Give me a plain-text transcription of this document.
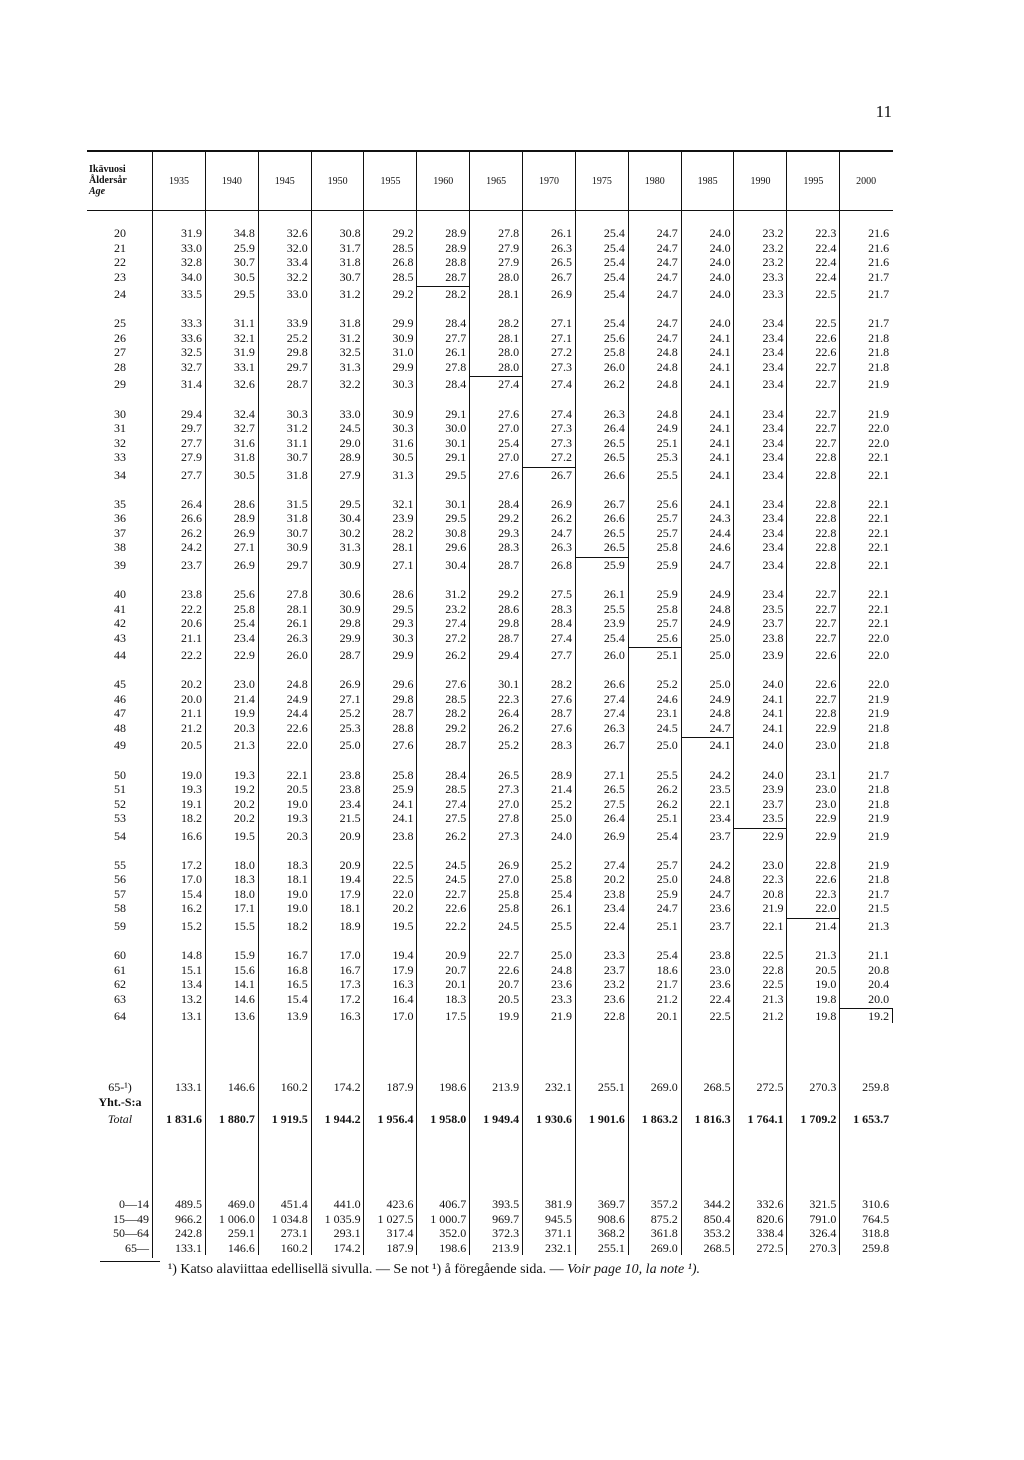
11
Ikävuosi
Åldersår
Age
1935	1940	1945	1950	1955	1960	1965	1970	1975	1980	1985	1990	1995	2000
20	31.9	34.8	32.6	30.8	29.2	28.9	27.8	26.1	25.4	24.7	24.0	23.2	22.3	21.6
21	33.0	25.9	32.0	31.7	28.5	28.9	27.9	26.3	25.4	24.7	24.0	23.2	22.4	21.6
22	32.8	30.7	33.4	31.8	26.8	28.8	27.9	26.5	25.4	24.7	24.0	23.2	22.4	21.6
23	34.0	30.5	32.2	30.7	28.5	28.7	28.0	26.7	25.4	24.7	24.0	23.3	22.4	21.7
24	33.5	29.5	33.0	31.2	29.2	28.2	28.1	26.9	25.4	24.7	24.0	23.3	22.5	21.7
25	33.3	31.1	33.9	31.8	29.9	28.4	28.2	27.1	25.4	24.7	24.0	23.4	22.5	21.7
26	33.6	32.1	25.2	31.2	30.9	27.7	28.1	27.1	25.6	24.7	24.1	23.4	22.6	21.8
27	32.5	31.9	29.8	32.5	31.0	26.1	28.0	27.2	25.8	24.8	24.1	23.4	22.6	21.8
28	32.7	33.1	29.7	31.3	29.9	27.8	28.0	27.3	26.0	24.8	24.1	23.4	22.7	21.8
29	31.4	32.6	28.7	32.2	30.3	28.4	27.4	27.4	26.2	24.8	24.1	23.4	22.7	21.9
30	29.4	32.4	30.3	33.0	30.9	29.1	27.6	27.4	26.3	24.8	24.1	23.4	22.7	21.9
31	29.7	32.7	31.2	24.5	30.3	30.0	27.0	27.3	26.4	24.9	24.1	23.4	22.7	22.0
32	27.7	31.6	31.1	29.0	31.6	30.1	25.4	27.3	26.5	25.1	24.1	23.4	22.7	22.0
33	27.9	31.8	30.7	28.9	30.5	29.1	27.0	27.2	26.5	25.3	24.1	23.4	22.8	22.1
34	27.7	30.5	31.8	27.9	31.3	29.5	27.6	26.7	26.6	25.5	24.1	23.4	22.8	22.1
35	26.4	28.6	31.5	29.5	32.1	30.1	28.4	26.9	26.7	25.6	24.1	23.4	22.8	22.1
36	26.6	28.9	31.8	30.4	23.9	29.5	29.2	26.2	26.6	25.7	24.3	23.4	22.8	22.1
37	26.2	26.9	30.7	30.2	28.2	30.8	29.3	24.7	26.5	25.7	24.4	23.4	22.8	22.1
38	24.2	27.1	30.9	31.3	28.1	29.6	28.3	26.3	26.5	25.8	24.6	23.4	22.8	22.1
39	23.7	26.9	29.7	30.9	27.1	30.4	28.7	26.8	25.9	25.9	24.7	23.4	22.8	22.1
40	23.8	25.6	27.8	30.6	28.6	31.2	29.2	27.5	26.1	25.9	24.9	23.4	22.7	22.1
41	22.2	25.8	28.1	30.9	29.5	23.2	28.6	28.3	25.5	25.8	24.8	23.5	22.7	22.1
42	20.6	25.4	26.1	29.8	29.3	27.4	29.8	28.4	23.9	25.7	24.9	23.7	22.7	22.1
43	21.1	23.4	26.3	29.9	30.3	27.2	28.7	27.4	25.4	25.6	25.0	23.8	22.7	22.0
44	22.2	22.9	26.0	28.7	29.9	26.2	29.4	27.7	26.0	25.1	25.0	23.9	22.6	22.0
45	20.2	23.0	24.8	26.9	29.6	27.6	30.1	28.2	26.6	25.2	25.0	24.0	22.6	22.0
46	20.0	21.4	24.9	27.1	29.8	28.5	22.3	27.6	27.4	24.6	24.9	24.1	22.7	21.9
47	21.1	19.9	24.4	25.2	28.7	28.2	26.4	28.7	27.4	23.1	24.8	24.1	22.8	21.9
48	21.2	20.3	22.6	25.3	28.8	29.2	26.2	27.6	26.3	24.5	24.7	24.1	22.9	21.8
49	20.5	21.3	22.0	25.0	27.6	28.7	25.2	28.3	26.7	25.0	24.1	24.0	23.0	21.8
50	19.0	19.3	22.1	23.8	25.8	28.4	26.5	28.9	27.1	25.5	24.2	24.0	23.1	21.7
51	19.3	19.2	20.5	23.8	25.9	28.5	27.3	21.4	26.5	26.2	23.5	23.9	23.0	21.8
52	19.1	20.2	19.0	23.4	24.1	27.4	27.0	25.2	27.5	26.2	22.1	23.7	23.0	21.8
53	18.2	20.2	19.3	21.5	24.1	27.5	27.8	25.0	26.4	25.1	23.4	23.5	22.9	21.9
54	16.6	19.5	20.3	20.9	23.8	26.2	27.3	24.0	26.9	25.4	23.7	22.9	22.9	21.9
55	17.2	18.0	18.3	20.9	22.5	24.5	26.9	25.2	27.4	25.7	24.2	23.0	22.8	21.9
56	17.0	18.3	18.1	19.4	22.5	24.5	27.0	25.8	20.2	25.0	24.8	22.3	22.6	21.8
57	15.4	18.0	19.0	17.9	22.0	22.7	25.8	25.4	23.8	25.9	24.7	20.8	22.3	21.7
58	16.2	17.1	19.0	18.1	20.2	22.6	25.8	26.1	23.4	24.7	23.6	21.9	22.0	21.5
59	15.2	15.5	18.2	18.9	19.5	22.2	24.5	25.5	22.4	25.1	23.7	22.1	21.4	21.3
60	14.8	15.9	16.7	17.0	19.4	20.9	22.7	25.0	23.3	25.4	23.8	22.5	21.3	21.1
61	15.1	15.6	16.8	16.7	17.9	20.7	22.6	24.8	23.7	18.6	23.0	22.8	20.5	20.8
62	13.4	14.1	16.5	17.3	16.3	20.1	20.7	23.6	23.2	21.7	23.6	22.5	19.0	20.4
63	13.2	14.6	15.4	17.2	16.4	18.3	20.5	23.3	23.6	21.2	22.4	21.3	19.8	20.0
64	13.1	13.6	13.9	16.3	17.0	17.5	19.9	21.9	22.8	20.1	22.5	21.2	19.8	19.2
65-¹)	133.1	146.6	160.2	174.2	187.9	198.6	213.9	232.1	255.1	269.0	268.5	272.5	270.3	259.8
Yht.-S:a
Total	1 831.6	1 880.7	1 919.5	1 944.2	1 956.4	1 958.0	1 949.4	1 930.6	1 901.6	1 863.2	1 816.3	1 764.1	1 709.2	1 653.7
0—14	489.5	469.0	451.4	441.0	423.6	406.7	393.5	381.9	369.7	357.2	344.2	332.6	321.5	310.6
15—49	966.2	1 006.0	1 034.8	1 035.9	1 027.5	1 000.7	969.7	945.5	908.6	875.2	850.4	820.6	791.0	764.5
50—64	242.8	259.1	273.1	293.1	317.4	352.0	372.3	371.1	368.2	361.8	353.2	338.4	326.4	318.8
65—	133.1	146.6	160.2	174.2	187.9	198.6	213.9	232.1	255.1	269.0	268.5	272.5	270.3	259.8
¹) Katso alaviittaa edellisellä sivulla. — Se not ¹) å föregående sida. — Voir page 10, la note ¹).
